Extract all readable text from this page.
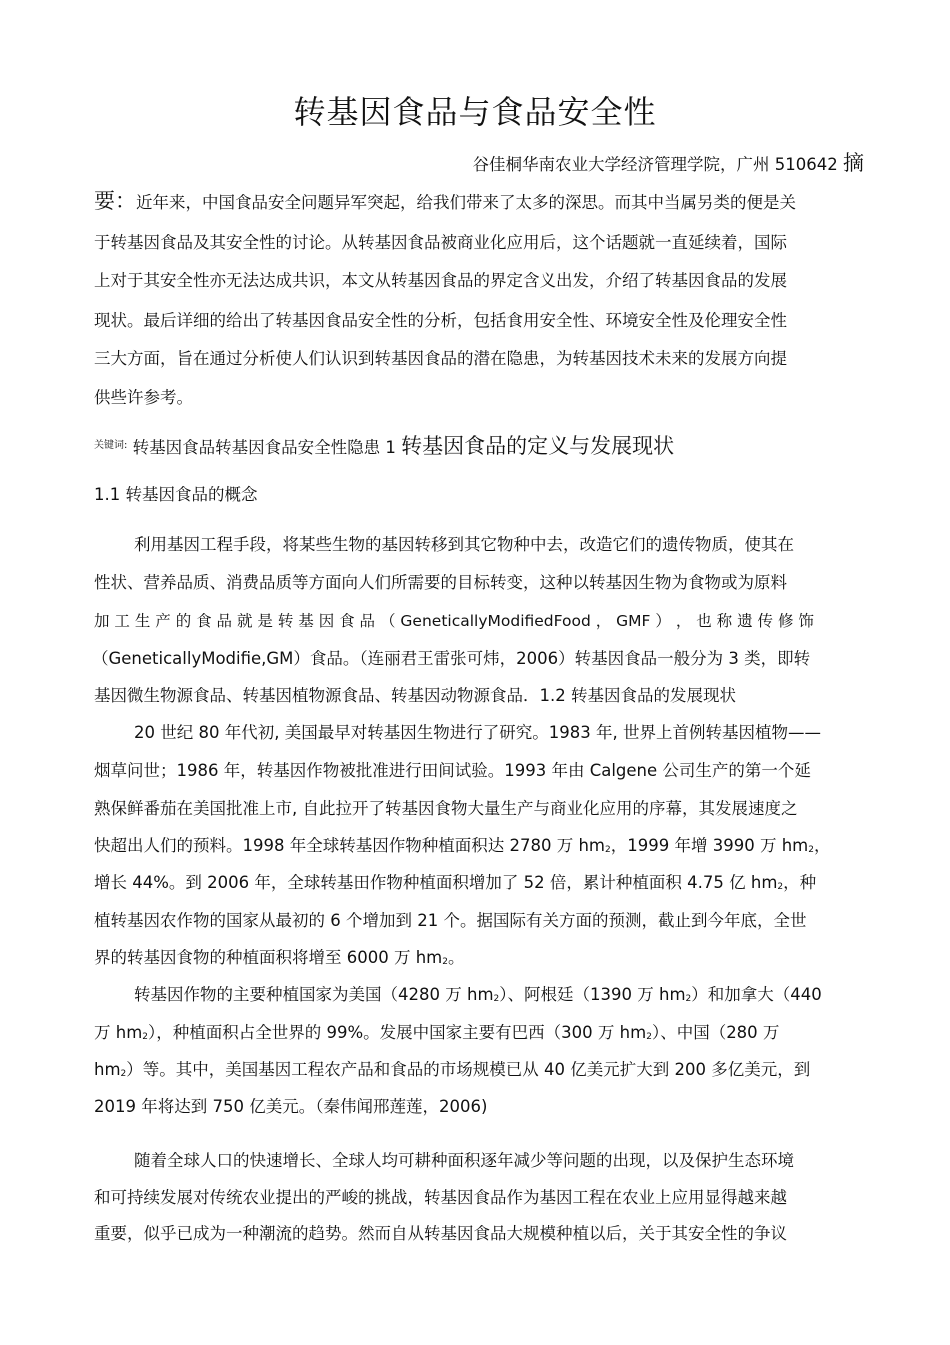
转基因食品与食品安全性
谷佳桐华南农业大学经济管理学院，广州 510642 摘
要：近年来，中国食品安全问题异军突起，给我们带来了太多的深思。而其中当属另类的便是关
于转基因食品及其安全性的讨论。从转基因食品被商业化应用后，这个话题就一直延续着，国际
上对于其安全性亦无法达成共识，本文从转基因食品的界定含义出发，介绍了转基因食品的发展
现状。最后详细的给出了转基因食品安全性的分析，包括食用安全性、环境安全性及伦理安全性
三大方面，旨在通过分析使人们认识到转基因食品的潜在隐患，为转基因技术未来的发展方向提
供些许参考。
$^{关键词:}$ 转基因食品转基因食品安全性隐患 1 转基因食品的定义与发展现状
1.1 转基因食品的概念
利用基因工程手段，将某些生物的基因转移到其它物种中去，改造它们的遗传物质，使其在
性状、营养品质、消费品质等方面向人们所需要的目标转变，这种以转基因生物为食物或为原料
加 工 生 产 的 食 品 就 是 转 基 因 食 品 （ GeneticallyModifiedFood ， GMF ） ， 也 称 遗 传 修 饰
（GeneticallyModifie,GM）食品。（连丽君王雷张可炜，2006）转基因食品一般分为 3 类，即转
基因微生物源食品、转基因植物源食品、转基因动物源食品．1.2 转基因食品的发展现状
20 世纪 80 年代初, 美国最早对转基因生物进行了研究。1983 年, 世界上首例转基因植物——
烟草问世；1986 年，转基因作物被批准进行田间试验。1993 年由 Calgene 公司生产的第一个延
熟保鲜番茄在美国批准上市, 自此拉开了转基因食物大量生产与商业化应用的序幕，其发展速度之
快超出人们的预料。1998 年全球转基因作物种植面积达 2780 万 hm2，1999 年增 3990 万 hm2，
增长 44%。到 2006 年，全球转基田作物种植面积增加了 52 倍，累计种植面积 4.75 亿 hm2，种
植转基因农作物的国家从最初的 6 个增加到 21 个。据国际有关方面的预测，截止到今年底，全世
界的转基因食物的种植面积将增至 6000 万 hm2。
转基因作物的主要种植国家为美国（4280 万 hm2）、阿根廷（1390 万 hm2）和加拿大（440
万 hm2），种植面积占全世界的 99%。发展中国家主要有巴西（300 万 hm2）、中国（280 万
hm2）等。其中，美国基因工程农产品和食品的市场规模已从 40 亿美元扩大到 200 多亿美元，到
2019 年将达到 750 亿美元。（秦伟闻邢莲莲，2006)
随着全球人口的快速增长、全球人均可耕种面积逐年减少等问题的出现，以及保护生态环境
和可持续发展对传统农业提出的严峻的挑战，转基因食品作为基因工程在农业上应用显得越来越
重要，似乎已成为一种潮流的趋势。然而自从转基因食品大规模种植以后，关于其安全性的争议
